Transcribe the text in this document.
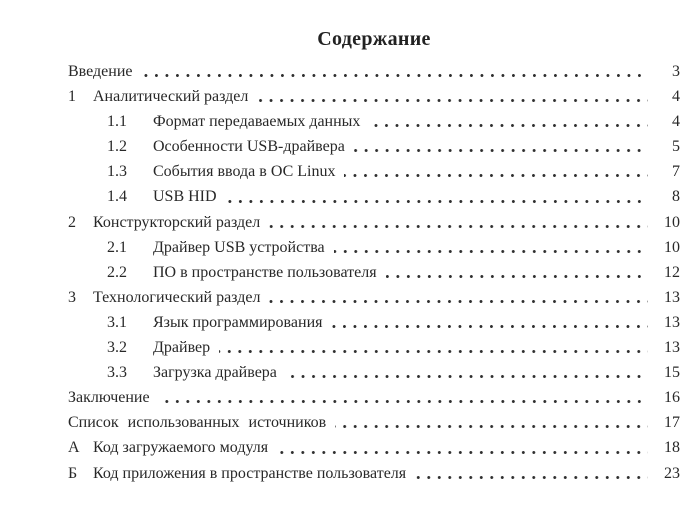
Содержание
Введение	3
1	Аналитический раздел	4
1.1	Формат передаваемых данных	4
1.2	Особенности USB-драйвера	5
1.3	События ввода в ОС Linux	7
1.4	USB HID	8
2	Конструкторский раздел	10
2.1	Драйвер USB устройства	10
2.2	ПО в пространстве пользователя	12
3	Технологический раздел	13
3.1	Язык программирования	13
3.2	Драйвер	13
3.3	Загрузка драйвера	15
Заключение	16
Список использованных источников	17
А Код загружаемого модуля	18
Б Код приложения в пространстве пользователя	23
